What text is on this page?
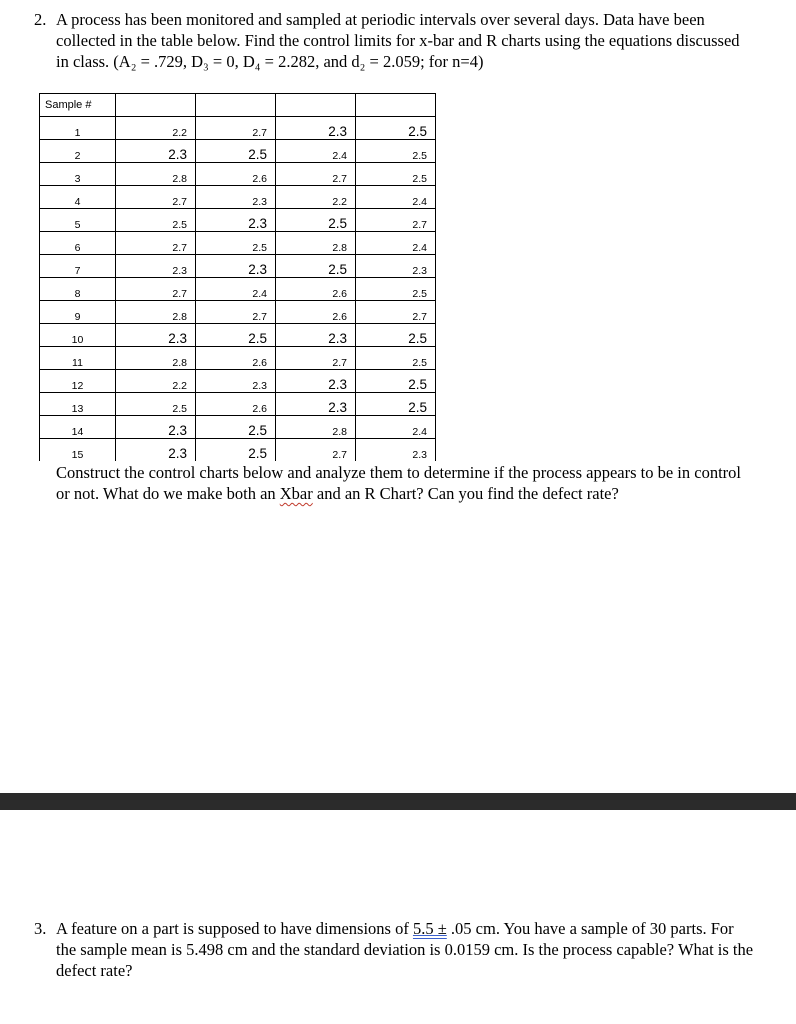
2. A process has been monitored and sampled at periodic intervals over several days. Data have been collected in the table below. Find the control limits for x-bar and R charts using the equations discussed in class. (A₂ = .729, D₃ = 0, D₄ = 2.282, and d₂ = 2.059; for n=4)
Sample #				
1	2.2	2.7	2.3	2.5
2	2.3	2.5	2.4	2.5
3	2.8	2.6	2.7	2.5
4	2.7	2.3	2.2	2.4
5	2.5	2.3	2.5	2.7
6	2.7	2.5	2.8	2.4
7	2.3	2.3	2.5	2.3
8	2.7	2.4	2.6	2.5
9	2.8	2.7	2.6	2.7
10	2.3	2.5	2.3	2.5
11	2.8	2.6	2.7	2.5
12	2.2	2.3	2.3	2.5
13	2.5	2.6	2.3	2.5
14	2.3	2.5	2.8	2.4
15	2.3	2.5	2.7	2.3
Construct the control charts below and analyze them to determine if the process appears to be in control or not. What do we make both an Xbar and an R Chart? Can you find the defect rate?
3. A feature on a part is supposed to have dimensions of 5.5 ± .05 cm. You have a sample of 30 parts. For the sample mean is 5.498 cm and the standard deviation is 0.0159 cm. Is the process capable? What is the defect rate?
